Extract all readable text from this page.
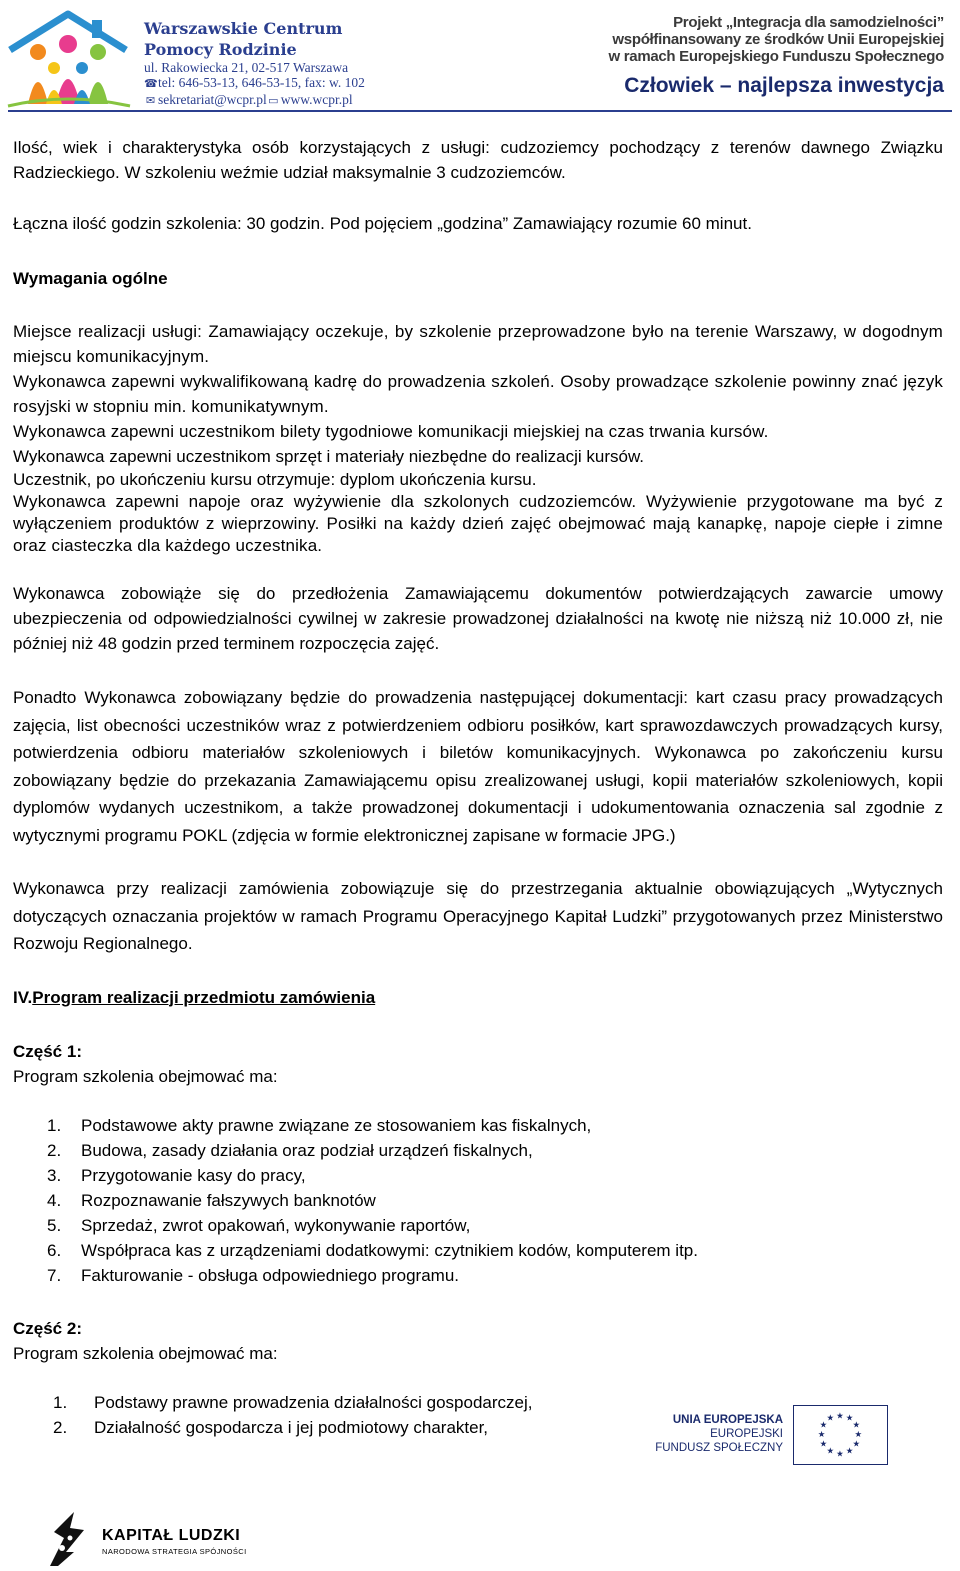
Warszawskie Centrum
Pomocy Rodzinie
ul. Rakowiecka 21, 02-517 Warszawa
☎tel: 646-53-13, 646-53-15, fax: w. 102
✉ sekretariat@wcpr.pl▭ www.wcpr.pl
Projekt „Integracja dla samodzielności”
współfinansowany ze środków Unii Europejskiej
w ramach Europejskiego Funduszu Społecznego
Człowiek – najlepsza inwestycja

Ilość, wiek i charakterystyka osób korzystających z usługi: cudzoziemcy pochodzący z terenów dawnego Związku Radzieckiego. W szkoleniu weźmie udział maksymalnie 3 cudzoziemców.

Łączna ilość godzin szkolenia: 30 godzin. Pod pojęciem „godzina” Zamawiający rozumie 60 minut.

Wymagania ogólne

Miejsce realizacji usługi: Zamawiający oczekuje, by szkolenie przeprowadzone było na terenie Warszawy, w dogodnym miejscu komunikacyjnym.

Wykonawca zapewni wykwalifikowaną kadrę do prowadzenia szkoleń. Osoby prowadzące szkolenie powinny znać język rosyjski w stopniu min. komunikatywnym.

Wykonawca zapewni uczestnikom bilety tygodniowe komunikacji miejskiej na czas trwania kursów.

Wykonawca zapewni uczestnikom sprzęt i materiały niezbędne do realizacji kursów.

Uczestnik, po ukończeniu kursu otrzymuje: dyplom ukończenia kursu.

Wykonawca zapewni napoje oraz wyżywienie dla szkolonych cudzoziemców. Wyżywienie przygotowane ma być z wyłączeniem produktów z wieprzowiny. Posiłki na każdy dzień zajęć obejmować mają kanapkę, napoje ciepłe i zimne oraz ciasteczka dla każdego uczestnika.

Wykonawca zobowiąże się do przedłożenia Zamawiającemu dokumentów potwierdzających zawarcie umowy ubezpieczenia od odpowiedzialności cywilnej w zakresie prowadzonej działalności na kwotę nie niższą niż 10.000 zł, nie później niż 48 godzin przed terminem rozpoczęcia zajęć.

Ponadto Wykonawca zobowiązany będzie do prowadzenia następującej dokumentacji: kart czasu pracy prowadzących zajęcia, list obecności uczestników wraz z potwierdzeniem odbioru posiłków, kart sprawozdawczych prowadzących kursy, potwierdzenia odbioru materiałów szkoleniowych i biletów komunikacyjnych. Wykonawca po zakończeniu kursu zobowiązany będzie do przekazania Zamawiającemu opisu zrealizowanej usługi, kopii materiałów szkoleniowych, kopii dyplomów wydanych uczestnikom, a także prowadzonej dokumentacji i udokumentowania oznaczenia sal zgodnie z wytycznymi programu POKL (zdjęcia w formie elektronicznej zapisane w formacie JPG.)

Wykonawca przy realizacji zamówienia zobowiązuje się do przestrzegania aktualnie obowiązujących „Wytycznych dotyczących oznaczania projektów w ramach Programu Operacyjnego Kapitał Ludzki” przygotowanych przez Ministerstwo Rozwoju Regionalnego.

IV.Program realizacji przedmiotu zamówienia

Część 1:

Program szkolenia obejmować ma:

1.	Podstawowe akty prawne związane ze stosowaniem kas fiskalnych,
2.	Budowa, zasady działania oraz podział urządzeń fiskalnych,
3.	Przygotowanie kasy do pracy,
4.	Rozpoznawanie fałszywych banknotów
5.	Sprzedaż, zwrot opakowań, wykonywanie raportów,
6.	Współpraca kas z urządzeniami dodatkowymi: czytnikiem kodów, komputerem itp.
7.	Fakturowanie - obsługa odpowiedniego programu.

Część 2:

Program szkolenia obejmować ma:

1.	Podstawy prawne prowadzenia działalności gospodarczej,
2.	Działalność gospodarcza i jej podmiotowy charakter,	UNIA EUROPEJSKA
EUROPEJSKI
FUNDUSZ SPOŁECZNY
★ ★
★
★
★
★
★
★
★
★
★
★
KAPITAŁ LUDZKI
NARODOWA STRATEGIA SPÓJNOŚCI
